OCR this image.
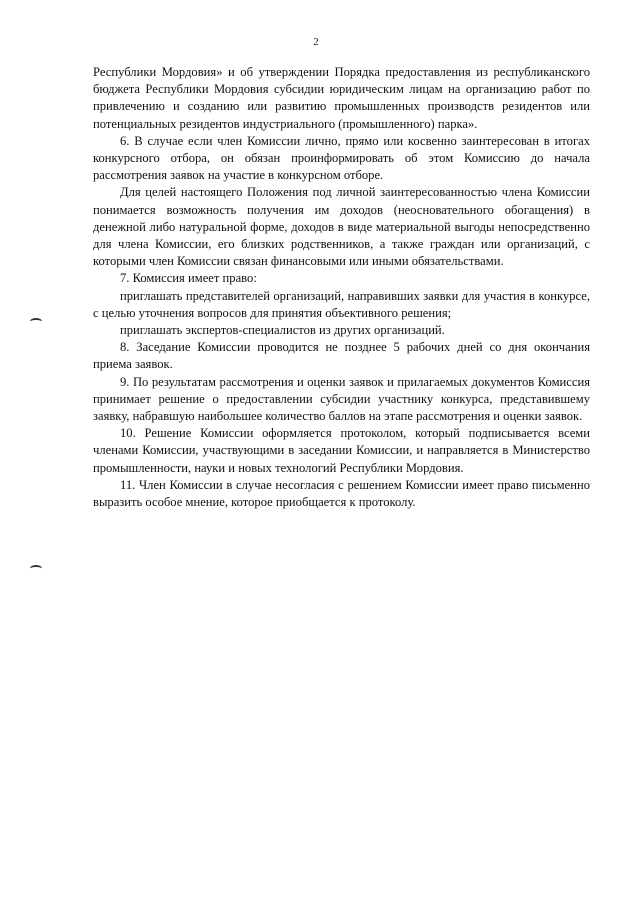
2

Республики Мордовия» и об утверждении Порядка предоставления из республиканского бюджета Республики Мордовия субсидии юридическим лицам на организацию работ по привлечению и созданию или развитию промышленных производств резидентов или потенциальных резидентов индустриального (промышленного) парка».

6. В случае если член Комиссии лично, прямо или косвенно заинтересован в итогах конкурсного отбора, он обязан проинформировать об этом Комиссию до начала рассмотрения заявок на участие в конкурсном отборе.

Для целей настоящего Положения под личной заинтересованностью члена Комиссии понимается возможность получения им доходов (неосновательного обогащения) в денежной либо натуральной форме, доходов в виде материальной выгоды непосредственно для члена Комиссии, его близких родственников, а также граждан или организаций, с которыми член Комиссии связан финансовыми или иными обязательствами.

7. Комиссия имеет право:

приглашать представителей организаций, направивших заявки для участия в конкурсе, с целью уточнения вопросов для принятия объективного решения;

приглашать экспертов-специалистов из других организаций.

8. Заседание Комиссии проводится не позднее 5 рабочих дней со дня окончания приема заявок.

9. По результатам рассмотрения и оценки заявок и прилагаемых документов Комиссия принимает решение о предоставлении субсидии участнику конкурса, представившему заявку, набравшую наибольшее количество баллов на этапе рассмотрения и оценки заявок.

10. Решение Комиссии оформляется протоколом, который подписывается всеми членами Комиссии, участвующими в заседании Комиссии, и направляется в Министерство промышленности, науки и новых технологий Республики Мордовия.

11. Член Комиссии в случае несогласия с решением Комиссии имеет право письменно выразить особое мнение, которое приобщается к протоколу.
